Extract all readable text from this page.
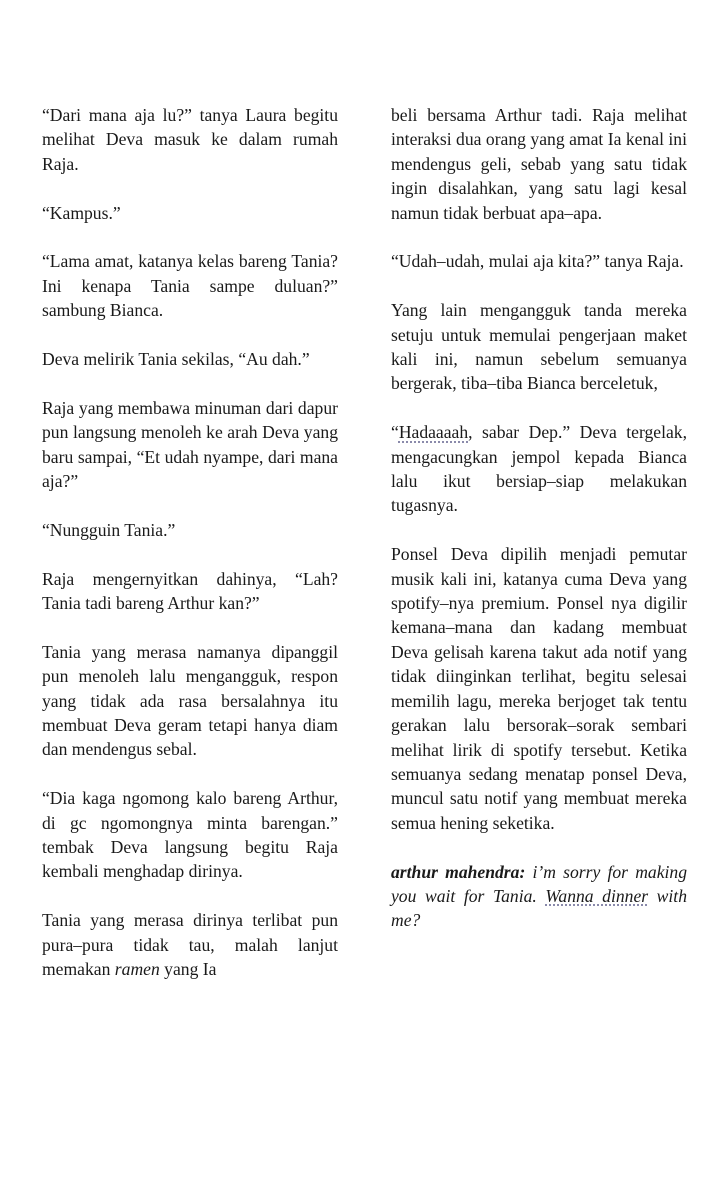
“Dari mana aja lu?” tanya Laura begitu melihat Deva masuk ke dalam rumah Raja.

“Kampus.”

“Lama amat, katanya kelas bareng Tania? Ini kenapa Tania sampe duluan?” sambung Bianca.

Deva melirik Tania sekilas, “Au dah.”

Raja yang membawa minuman dari dapur pun langsung menoleh ke arah Deva yang baru sampai, “Et udah nyampe, dari mana aja?”

“Nungguin Tania.”

Raja mengernyitkan dahinya, “Lah? Tania tadi bareng Arthur kan?”

Tania yang merasa namanya dipanggil pun menoleh lalu mengangguk, respon yang tidak ada rasa bersalahnya itu membuat Deva geram tetapi hanya diam dan mendengus sebal.

“Dia kaga ngomong kalo bareng Arthur, di gc ngomongnya minta barengan.” tembak Deva langsung begitu Raja kembali menghadap dirinya.

Tania yang merasa dirinya terlibat pun pura–pura tidak tau, malah lanjut memakan ramen yang Ia

beli bersama Arthur tadi. Raja melihat interaksi dua orang yang amat Ia kenal ini mendengus geli, sebab yang satu tidak ingin disalahkan, yang satu lagi kesal namun tidak berbuat apa–apa.

“Udah–udah, mulai aja kita?” tanya Raja.

Yang lain mengangguk tanda mereka setuju untuk memulai pengerjaan maket kali ini, namun sebelum semuanya bergerak, tiba–tiba Bianca berceletuk,

“Hadaaaah, sabar Dep.” Deva tergelak, mengacungkan jempol kepada Bianca lalu ikut bersiap–siap melakukan tugasnya.

Ponsel Deva dipilih menjadi pemutar musik kali ini, katanya cuma Deva yang spotify–nya premium. Ponsel nya digilir kemana–mana dan kadang membuat Deva gelisah karena takut ada notif yang tidak diinginkan terlihat, begitu selesai memilih lagu, mereka berjoget tak tentu gerakan lalu bersorak–sorak sembari melihat lirik di spotify tersebut. Ketika semuanya sedang menatap ponsel Deva, muncul satu notif yang membuat mereka semua hening seketika.

arthur mahendra: i’m sorry for making you wait for Tania. Wanna dinner with me?
